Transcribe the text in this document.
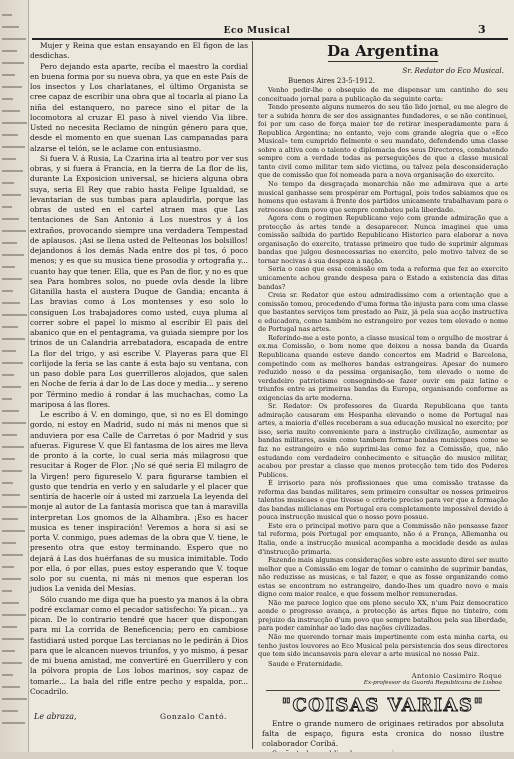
Eco Musical	3

Mujer y Reina que estan ensayando en El figon de las desdichas.

Pero dejando esta aparte, reciba el maestro la cordial en buena forma por su nueva obra, ya que en este País de los insectos y Los charlatanes, el último Organista se cree capaz de escribir una obra que al tocarla al piano La niña del estanquero, no parece sino el pitar de la locomotora al cruzar El paso à nivel viendo Via libre. Usted no necesita Reclamo de ningún género para que, desde el momento en que suenan Las campanadas para alzarse el telón, se le aclame con entusiasmo.

Si fuera V. á Rusia, La Czarina iria al teatro por ver sus obras, y si fuera á Francia, en la tierra de La flor de lis, durante La Exposicion universal, se hiciera alguna obra suya, seria El Rey que rabio hasta Felipe Igualdad, se levantarian de sus tumbas para aplaudirla, porque las obras de usted en el cartel atraen mas que Las tentaciones de San Antonio á Los nuestros y á los extraños, provocando siempre una verdadera Tempestad de aplausos. ¡Asi se llena usted de Pelteonas los bolsillos! dejandonos á los demás Nada entre dos pl tos, ó poco menos; y es que su musica tiene prosodia y ortografia y... cuanto hay que tener. Ella, que es Pan de flor, y no es que sea Para hombres solos, no puede ovla desde la libre Gitanilla hasta el austera Duque de Gandia; encanta á Las bravias como á Los montenses y eso solo lo consiguen Los trabajadores como usted, cuya pluma al correr sobre el papel lo mismo al escribir El pais del abanico que en el pentagrama, va guiada siempre por los trinos de un Calandria arrebatadora, escapada de entre La flor del trigo, y asi escribe V. Playeras para que El corlijode la feria se las cante á esta bajo su ventana, con un paso doble para Los guerrilleros alojados, que salen en Noche de feria á dar lo de Las doce y media... y sereno por Término medio á rondar á las muchachas, como La mariposa á las flores.

Le escribo á V. en domingo, que, si no es El domingo gordo, ni estoy en Madrid, sudo ni más ni menos que si anduviera por esa Calle de Carretas ó por Madrid y sus afueras. Figurese V. que El fantasma de los aires me lleva de pronto á la corte, lo cual seria más milagroso que resucitar á Roger de Flor. ¡No sé qué seria El milagro de la Virgen! pero figureselo V. para figurarse tambien el gusto que tendria en verlo y en saludarle y el placer que sentiría de hacerle oír á usted mi zarzuela La leyenda del monje al autor de La fantasía morisca que tan á maravilla interpretan Los gnomos de la Alhambra. ¡Eso es hacer musica es tener inspiración! Veremos a hora si así se porta V. conmigo, pues ademas de la obra que V. tiene, le presento otra que estoy terminando. Espero que no dejará á Las dos huérfanas de su musica inimitable. Todo por ella, ó por ellas, pues estoy esperando que V. toque solo por su cuenta, ni más ni menos que esperan los judios La venida del Mesías.

Sólo cuando me diga que ha puesto ya manos á la obra podré exclamar como el pecador satisfecho: Ya pican... ya pican. De lo contrario tendré que hacer que dispongan para mi La corrida de Beneficencia; pero en cambiose fastidiará usted porque Las tercianas no le pedirán á Dios para que le alcancen nuevos triunfos, y yo mismo, á pesar de mi buena amistad, me convertiré en Guerrillero y con la pólvora propia de Los lobos marinos, soy capaz de tomarle... La bala del rifle entre pecho y espalda, por... Cocadrilo.

Le abraza,	Gonzalo Cantó.
Da Argentina
Sr. Redator do Eco Musical.
Buenos Aires 23-5-1912.

Venho pedir-lhe o obsequio de me dispensar um cantinho do seu conceituado jornal para a publicação da seguinte carta:

Tendo presente alguns numeros do seu tão lido jornal, eu me alegro de ter a subida honra de ser dos assignantes fundadores, e se não continuei, foi por um caso de força maior ter de retirar inesperadamente para á Republica Argentina; no entanto, vejo com grande alegria que o «Eco Musical» tem cumprido fielmente o seu mandato, defendendo uma classe sobre a altiva com o talento e diplomacia dos seus Directores, combatendo sempre com a verdade todas as perseguições de que a classe musical tanto civil como militar tem sido victima, ou talvez pela desconsideração que de comissão que foi nomeada para a nova organisação do exercito.

No tempo da desgraçada monarchia não me admirava que a arte musical ganhasse sem prospérar em Portugal, pois todos sabiamos que os homens que estavam á frente dos partidos unicamente trabalhavam para o retrocesso dum povo que sempre combateu pela liberdade.

Agora com o regimen Republicano vejo com grande admiração que a protecção ás artes tende a desaparecer. Nunca imaginei que uma comissão saíbida do partido Republicano Historico para elaborar a nova organisação do exercito, tratasse primeiro que tudo de suprimir algumas bandas que julgou desnecessarias no exercito, pelo motivo talvez de se tornar nocivas á sua despeza a nação.

Seria o caso que essa comissão em toda a reforma que fez ao exercito unicamente achou grande despesa para o Estado a existencia das ditas bandas?

Creia sr. Redator que estou admiradissimo com a orientação que a comissão tomou, procedendo d'uma forma tão injusta para com uma classe que bastantes serviços tem prestado ao Paiz, já pela sua acção instructiva e educadora, como também no estrangeiro por vezes tem elevado o nome de Portugal nas artes.

Referindo-me a este ponto, a classe musical tem o orgulho de mostrar á ex.ma Comissão, o bom nome que deixou a nossa banda da Guarda Republicana quando esteve dando concertos em Madrid e Barcelona, competindo com as melhores bandas estrangeiras. Apesar do numero reduzido nosso e da pessima organisação, tem elevado o nome de verdadeiro patriotismo consegnindo-se fazer ouvir em paiz latino e triunfos entre as primeiras bandas da Europa, organisando conforme as exigencias da arte moderna.

Sr. Redator: Os professores da Guarda Republicana que tanta admiração causaram em Hespanha elevando o nome de Portugal nas artes, a maioria d'elles receberam a sua educação musical no exercito; por isso, seria muito conveniente para a instrução civilização, aumentar as bandas militares, assim como tambem formar bandas municipaes como se faz no estrangeiro e não suprimi-las como fez a Comissão, que, não estudando com verdadeiro conhecimento e situação do musico militar, acabou por prestar a classe que menos protecção tem tido dos Poderes Publicos.

É irrisorio para nós profissionaes que uma comissão tratasse da reforma das bandas militares, sem primeiro consultar os nossos primeiros talentos musicaes e que tivesse o criterio preciso para ver que a formação das bandas milicianas em Portugal era completamente impossível devido á pouca instrucção musical que o nosso povo possue.

Este era o principal motivo para que a Commissão não pensasse fazer tal reforma, pois Portugal por emquanto, não é a França, Allemanha ou Italia, onde a instrucção musical acompanha a mocidade desde as aulas d'instrucção primaria.

Fazendo mais algumas considerações sobre este assunto direi ser muito melhor que a Comissão em logar de tomar o caminho de suprimir bandas, não reduzisse as musicas, e tal fazer, e que as fosse organizando como estas se encontram no estrangeiro, dando-lhes um quadro novo e mais digno com maior realce, e que fossem melhor remuneradas.

Não me parece logico que em pleno seculo XX, n'um Paiz democratico aonde o progresso avança, a protecção ás artes fique no tinteiro, com prejuizo da instrucção d'um povo que sempre batalhou pela sua liberdade, para poder caminhar ao lado das nações civilizadas.

Não me querendo tornar mais impertinente com esta minha carta, eu tenho justos louvores ao Eco Musical pela persistencia dos seus directores que tem sido incansaveis para elevar a arte musical no nosso Paiz.

Saude e Fraternidade.
Antonio Casimiro Roque
Ex-professor da Guarda Republicana de Lisboa
"COISAS VARIAS"

Entre o grande numero de originaes retirados por absoluta falta de espaço, figura esta cronica do nosso ilustre colaborador Coribá.
